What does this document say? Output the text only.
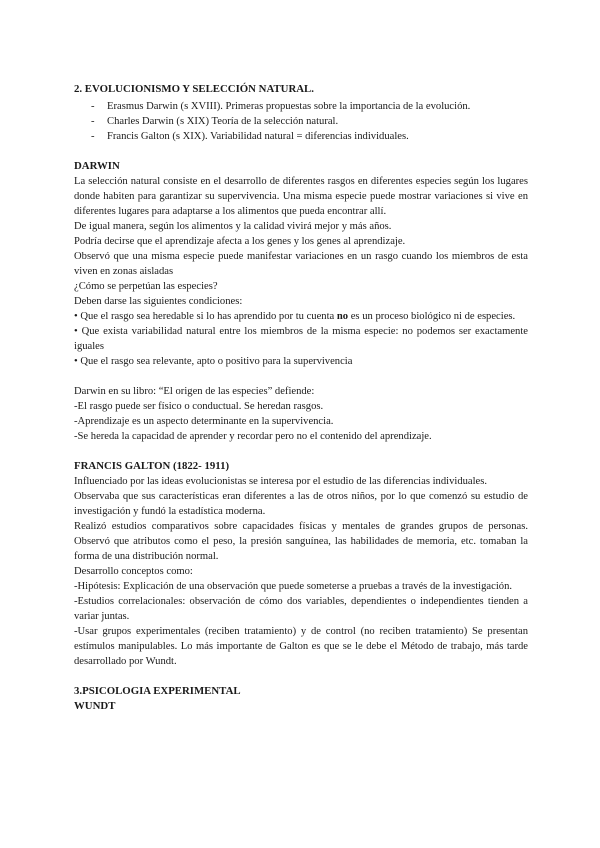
2. EVOLUCIONISMO Y SELECCIÓN NATURAL.
- Erasmus Darwin (s XVIII). Primeras propuestas sobre la importancia de la evolución.
- Charles Darwin (s XIX) Teoría de la selección natural.
- Francis Galton (s XIX). Variabilidad natural = diferencias individuales.
DARWIN

La selección natural consiste en el desarrollo de diferentes rasgos en diferentes especies según los lugares donde habiten para garantizar su supervivencia. Una misma especie puede mostrar variaciones si vive en diferentes lugares para adaptarse a los alimentos que pueda encontrar allí.

De igual manera, según los alimentos y la calidad vivirá mejor y más años.

Podría decirse que el aprendizaje afecta a los genes y los genes al aprendizaje.

Observó que una misma especie puede manifestar variaciones en un rasgo cuando los miembros de esta viven en zonas aisladas

¿Cómo se perpetúan las especies?

Deben darse las siguientes condiciones:

• Que el rasgo sea heredable si lo has aprendido por tu cuenta no es un proceso biológico ni de especies.

• Que exista variabilidad natural entre los miembros de la misma especie: no podemos ser exactamente iguales

• Que el rasgo sea relevante, apto o positivo para la supervivencia

Darwin en su libro: “El origen de las especies” defiende:

-El rasgo puede ser físico o conductual. Se heredan rasgos.

-Aprendizaje es un aspecto determinante en la supervivencia.

-Se hereda la capacidad de aprender y recordar pero no el contenido del aprendizaje.

FRANCIS GALTON (1822- 1911)

Influenciado por las ideas evolucionistas se interesa por el estudio de las diferencias individuales.

Observaba que sus características eran diferentes a las de otros niños, por lo que comenzó su estudio de investigación y fundó la estadística moderna.

Realizó estudios comparativos sobre capacidades físicas y mentales de grandes grupos de personas. Observó que atributos como el peso, la presión sanguínea, las habilidades de memoria, etc. tomaban la forma de una distribución normal.

Desarrollo conceptos como:

-Hipótesis: Explicación de una observación que puede someterse a pruebas a través de la investigación.

-Estudios correlacionales: observación de cómo dos variables, dependientes o independientes tienden a variar juntas.

-Usar grupos experimentales (reciben tratamiento) y de control (no reciben tratamiento) Se presentan estímulos manipulables. Lo más importante de Galton es que se le debe el Método de trabajo, más tarde desarrollado por Wundt.

3.PSICOLOGIA EXPERIMENTAL
WUNDT
